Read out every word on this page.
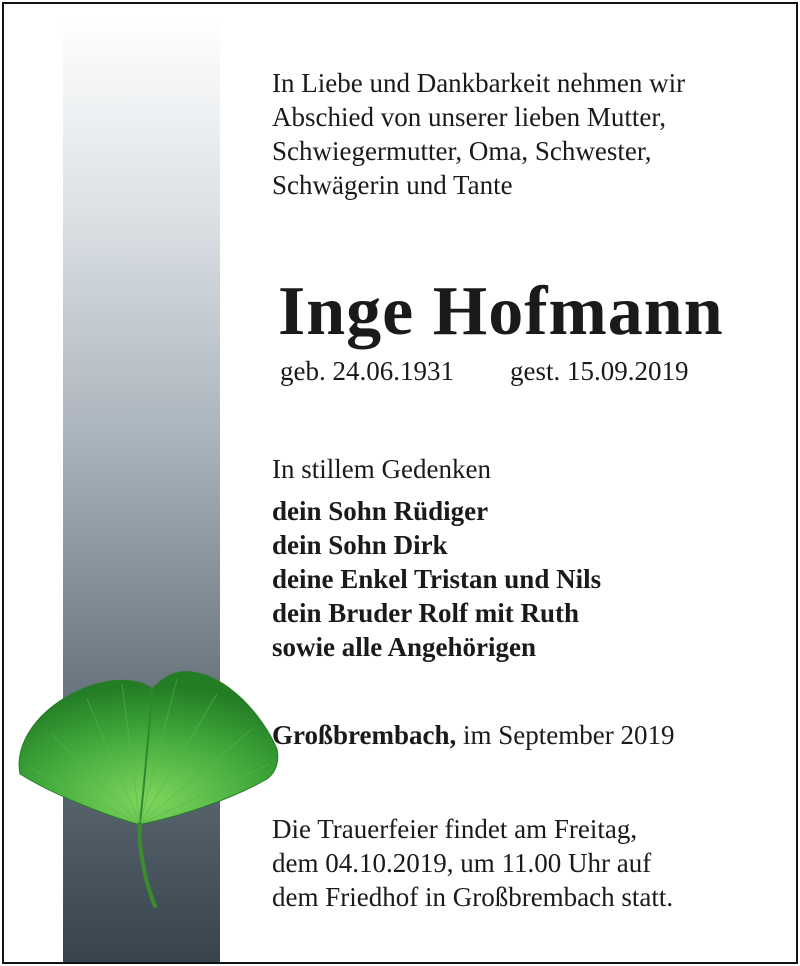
In Liebe und Dankbarkeit nehmen wir
Abschied von unserer lieben Mutter,
Schwiegermutter, Oma, Schwester,
Schwägerin und Tante
Inge Hofmann
geb. 24.06.1931 gest. 15.09.2019
In stillem Gedenken
dein Sohn Rüdiger
dein Sohn Dirk
deine Enkel Tristan und Nils
dein Bruder Rolf mit Ruth
sowie alle Angehörigen
Großbrembach, im September 2019
Die Trauerfeier findet am Freitag,
dem 04.10.2019, um 11.00 Uhr auf
dem Friedhof in Großbrembach statt.
